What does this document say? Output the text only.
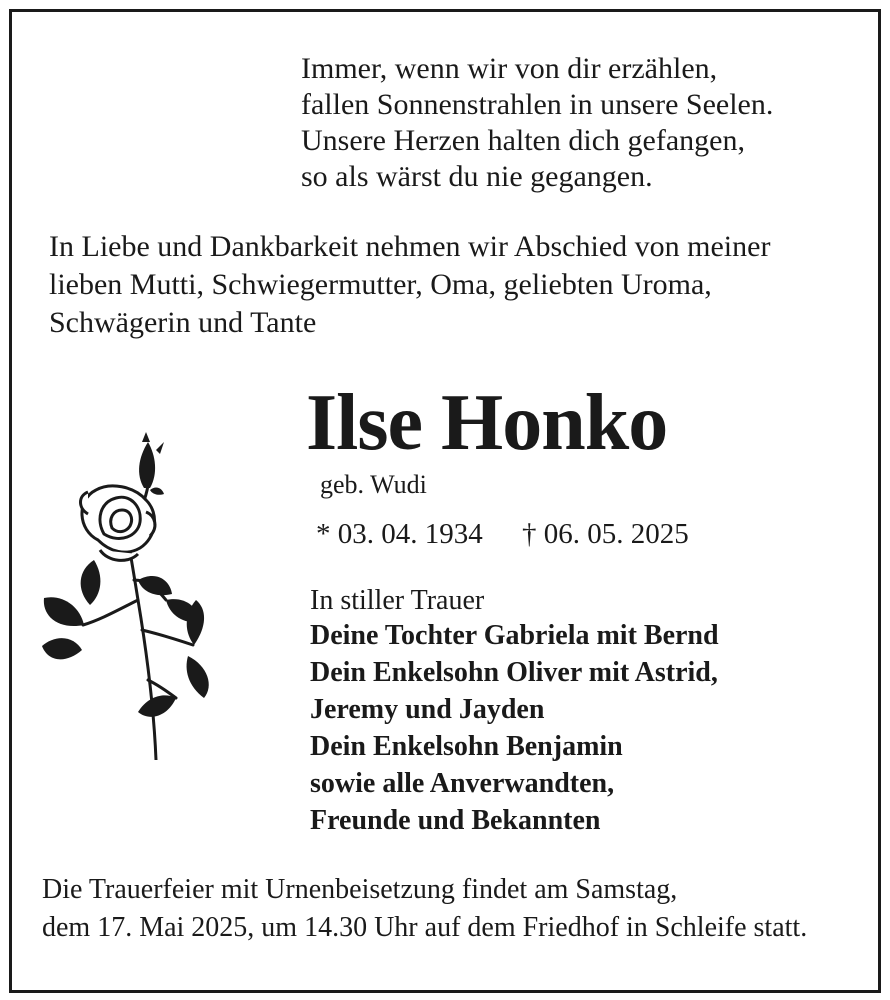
Immer, wenn wir von dir erzählen,
fallen Sonnenstrahlen in unsere Seelen.
Unsere Herzen halten dich gefangen,
so als wärst du nie gegangen.
In Liebe und Dankbarkeit nehmen wir Abschied von meiner
lieben Mutti, Schwiegermutter, Oma, geliebten Uroma,
Schwägerin und Tante
Ilse Honko
geb. Wudi
* 03. 04. 1934 † 06. 05. 2025
In stiller Trauer
Deine Tochter Gabriela mit Bernd
Dein Enkelsohn Oliver mit Astrid,
Jeremy und Jayden
Dein Enkelsohn Benjamin
sowie alle Anverwandten,
Freunde und Bekannten
Die Trauerfeier mit Urnenbeisetzung findet am Samstag,
dem 17. Mai 2025, um 14.30 Uhr auf dem Friedhof in Schleife statt.
